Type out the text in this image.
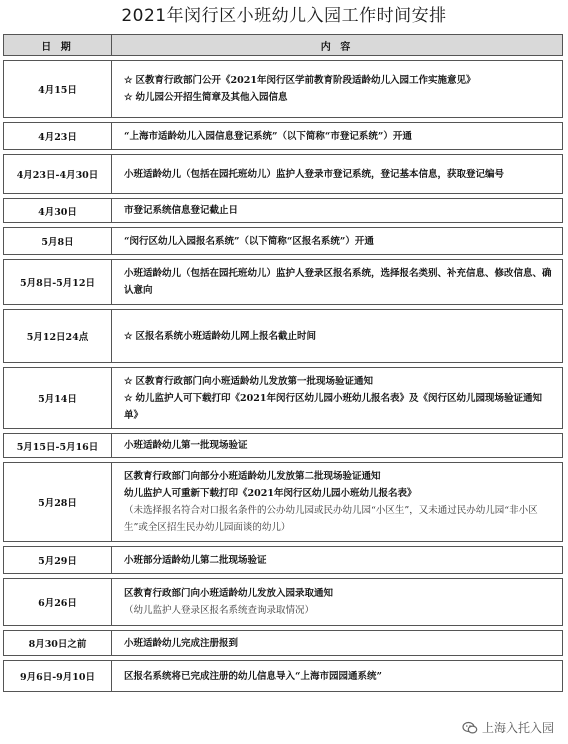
2021年闵行区小班幼儿入园工作时间安排
日 期	内 容
4月15日	☆ 区教育行政部门公开《2021年闵行区学前教育阶段适龄幼儿入园工作实施意见》
☆ 幼儿园公开招生简章及其他入园信息

4月23日	“上海市适龄幼儿入园信息登记系统”（以下简称“市登记系统”）开通

4月23日-4月30日	小班适龄幼儿（包括在园托班幼儿）监护人登录市登记系统，登记基本信息，获取登记编号

4月30日	市登记系统信息登记截止日

5月8日	“闵行区幼儿入园报名系统”（以下简称“区报名系统”）开通

5月8日-5月12日	小班适龄幼儿（包括在园托班幼儿）监护人登录区报名系统，选择报名类别、补充信息、修改信息、确认意向

5月12日24点	☆ 区报名系统小班适龄幼儿网上报名截止时间

5月14日	☆ 区教育行政部门向小班适龄幼儿发放第一批现场验证通知
☆ 幼儿监护人可下载打印《2021年闵行区幼儿园小班幼儿报名表》及《闵行区幼儿园现场验证通知单》

5月15日-5月16日	小班适龄幼儿第一批现场验证

5月28日	区教育行政部门向部分小班适龄幼儿发放第二批现场验证通知
幼儿监护人可重新下载打印《2021年闵行区幼儿园小班幼儿报名表》
（未选择报名符合对口报名条件的公办幼儿园或民办幼儿园“小区生”，又未通过民办幼儿园“非小区生”或全区招生民办幼儿园面谈的幼儿）

5月29日	小班部分适龄幼儿第二批现场验证

6月26日	区教育行政部门向小班适龄幼儿发放入园录取通知
（幼儿监护人登录区报名系统查询录取情况）

8月30日之前	小班适龄幼儿完成注册报到

9月6日-9月10日	区报名系统将已完成注册的幼儿信息导入“上海市园园通系统”
上海入托入园
